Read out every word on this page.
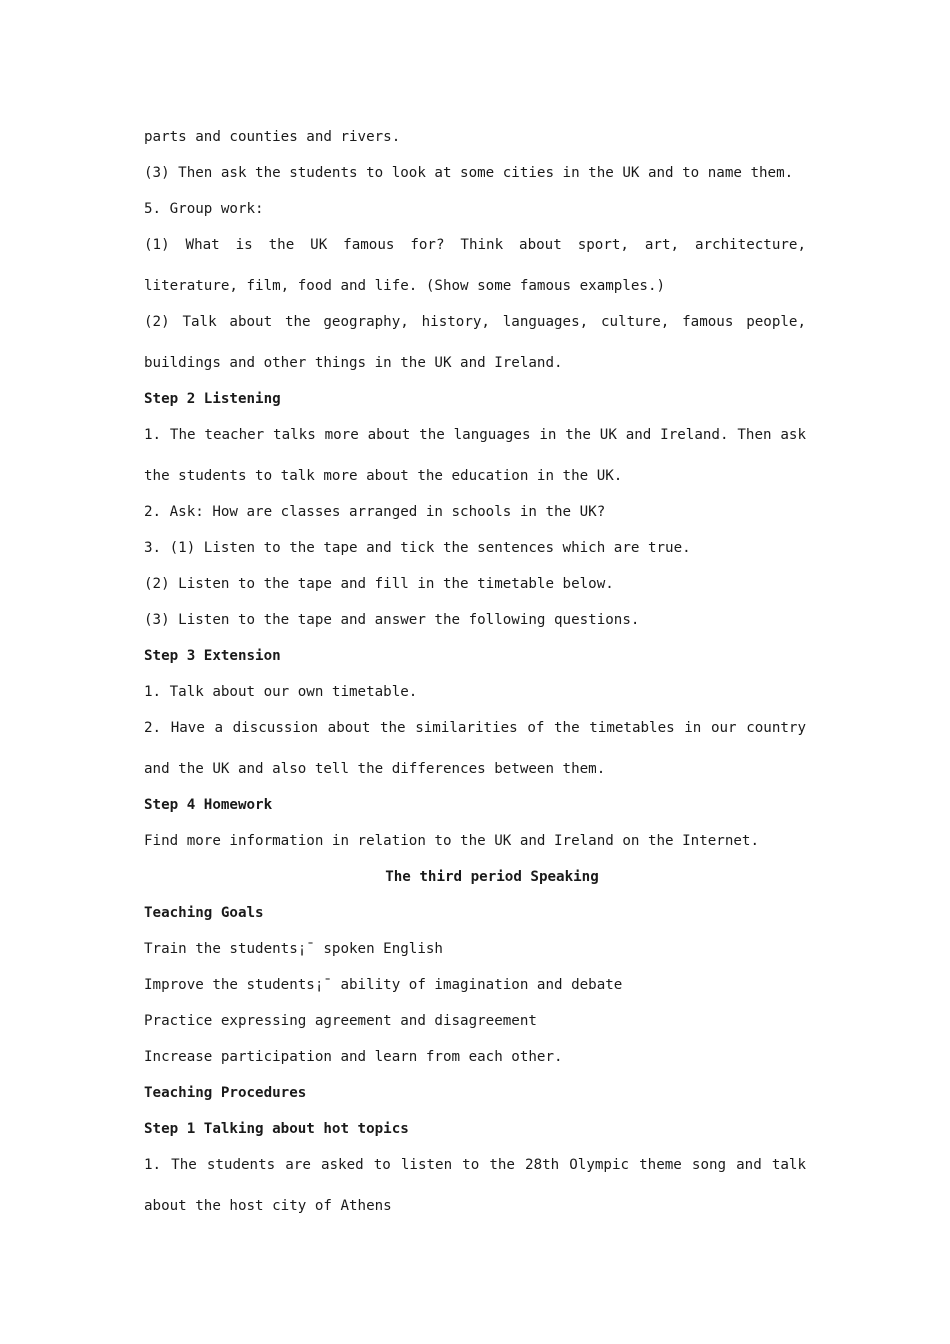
parts and counties and rivers.
(3) Then ask the students to look at some cities in the UK and to name them.
5. Group work:
(1) What is the UK famous for? Think about sport, art, architecture,
literature, film, food and life. (Show some famous examples.)
(2) Talk about the geography, history, languages, culture, famous people,
buildings and other things in the UK and Ireland.
Step 2 Listening
1. The teacher talks more about the languages in the UK and Ireland. Then ask
the students to talk more about the education in the UK.
2. Ask: How are classes arranged in schools in the UK?
3. (1) Listen to the tape and tick the sentences which are true.
(2) Listen to the tape and fill in the timetable below.
(3) Listen to the tape and answer the following questions.
Step 3 Extension
1. Talk about our own timetable.
2. Have a discussion about the similarities of the timetables in our country
and the UK and also tell the differences between them.
Step 4 Homework
Find more information in relation to the UK and Ireland on the Internet.
The third period Speaking
Teaching Goals
Train the students¡¯ spoken English
Improve the students¡¯ ability of imagination and debate
Practice expressing agreement and disagreement
Increase participation and learn from each other.
Teaching Procedures
Step 1 Talking about hot topics
1. The students are asked to listen to the 28th Olympic theme song and talk
about the host city of Athens
